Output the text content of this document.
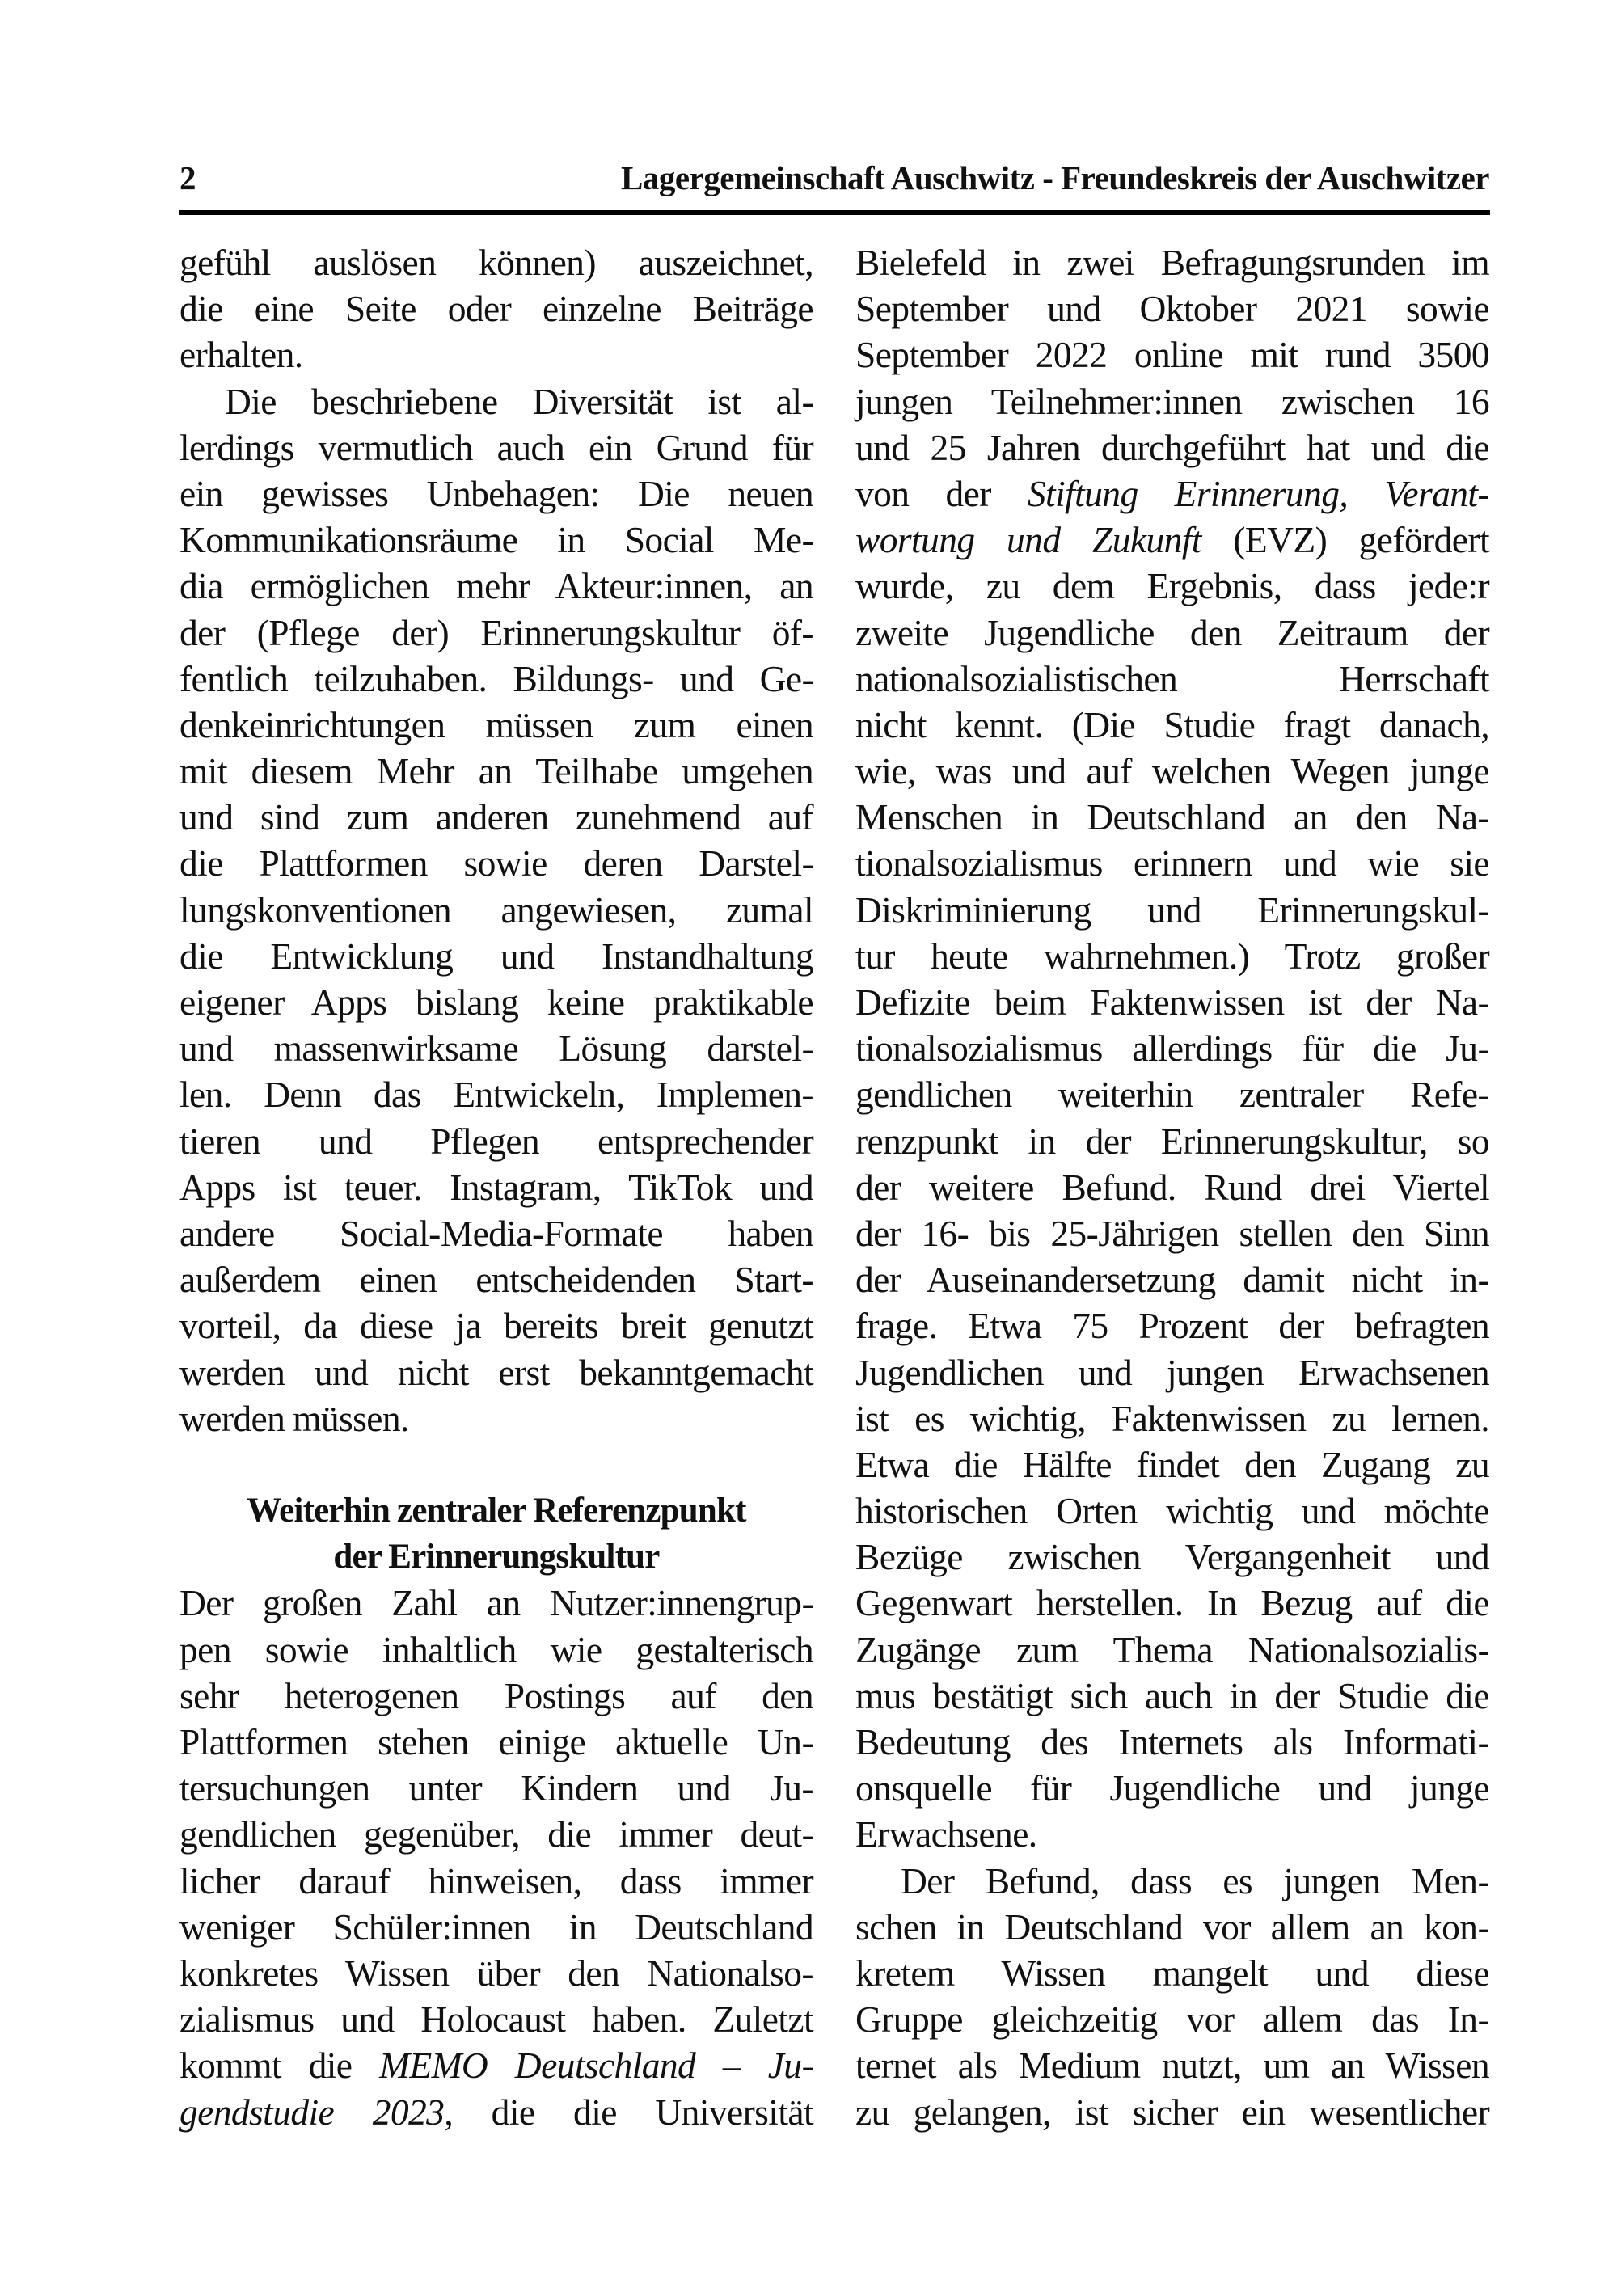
2	Lagergemeinschaft Auschwitz - Freundeskreis der Auschwitzer
gefühl auslösen können) auszeichnet,
die eine Seite oder einzelne Beiträge
erhalten.
Die beschriebene Diversität ist al-
lerdings vermutlich auch ein Grund für
ein gewisses Unbehagen: Die neuen
Kommunikationsräume in Social Me-
dia ermöglichen mehr Akteur:innen, an
der (Pflege der) Erinnerungskultur öf-
fentlich teilzuhaben. Bildungs- und Ge-
denkeinrichtungen müssen zum einen
mit diesem Mehr an Teilhabe umgehen
und sind zum anderen zunehmend auf
die Plattformen sowie deren Darstel-
lungskonventionen angewiesen, zumal
die Entwicklung und Instandhaltung
eigener Apps bislang keine praktikable
und massenwirksame Lösung darstel-
len. Denn das Entwickeln, Implemen-
tieren und Pflegen entsprechender
Apps ist teuer. Instagram, TikTok und
andere Social-Media-Formate haben
außerdem einen entscheidenden Start-
vorteil, da diese ja bereits breit genutzt
werden und nicht erst bekanntgemacht
werden müssen.
Weiterhin zentraler Referenzpunkt
der Erinnerungskultur
Der großen Zahl an Nutzer:innengrup-
pen sowie inhaltlich wie gestalterisch
sehr heterogenen Postings auf den
Plattformen stehen einige aktuelle Un-
tersuchungen unter Kindern und Ju-
gendlichen gegenüber, die immer deut-
licher darauf hinweisen, dass immer
weniger Schüler:innen in Deutschland
konkretes Wissen über den Nationalso-
zialismus und Holocaust haben. Zuletzt
kommt die MEMO Deutschland – Ju-
gendstudie 2023, die die Universität
Bielefeld in zwei Befragungsrunden im
September und Oktober 2021 sowie
September 2022 online mit rund 3500
jungen Teilnehmer:innen zwischen 16
und 25 Jahren durchgeführt hat und die
von der Stiftung Erinnerung, Verant-
wortung und Zukunft (EVZ) gefördert
wurde, zu dem Ergebnis, dass jede:r
zweite Jugendliche den Zeitraum der
nationalsozialistischen Herrschaft
nicht kennt. (Die Studie fragt danach,
wie, was und auf welchen Wegen junge
Menschen in Deutschland an den Na-
tionalsozialismus erinnern und wie sie
Diskriminierung und Erinnerungskul-
tur heute wahrnehmen.) Trotz großer
Defizite beim Faktenwissen ist der Na-
tionalsozialismus allerdings für die Ju-
gendlichen weiterhin zentraler Refe-
renzpunkt in der Erinnerungskultur, so
der weitere Befund. Rund drei Viertel
der 16- bis 25-Jährigen stellen den Sinn
der Auseinandersetzung damit nicht in-
frage. Etwa 75 Prozent der befragten
Jugendlichen und jungen Erwachsenen
ist es wichtig, Faktenwissen zu lernen.
Etwa die Hälfte findet den Zugang zu
historischen Orten wichtig und möchte
Bezüge zwischen Vergangenheit und
Gegenwart herstellen. In Bezug auf die
Zugänge zum Thema Nationalsozialis-
mus bestätigt sich auch in der Studie die
Bedeutung des Internets als Informati-
onsquelle für Jugendliche und junge
Erwachsene.
Der Befund, dass es jungen Men-
schen in Deutschland vor allem an kon-
kretem Wissen mangelt und diese
Gruppe gleichzeitig vor allem das In-
ternet als Medium nutzt, um an Wissen
zu gelangen, ist sicher ein wesentlicher
